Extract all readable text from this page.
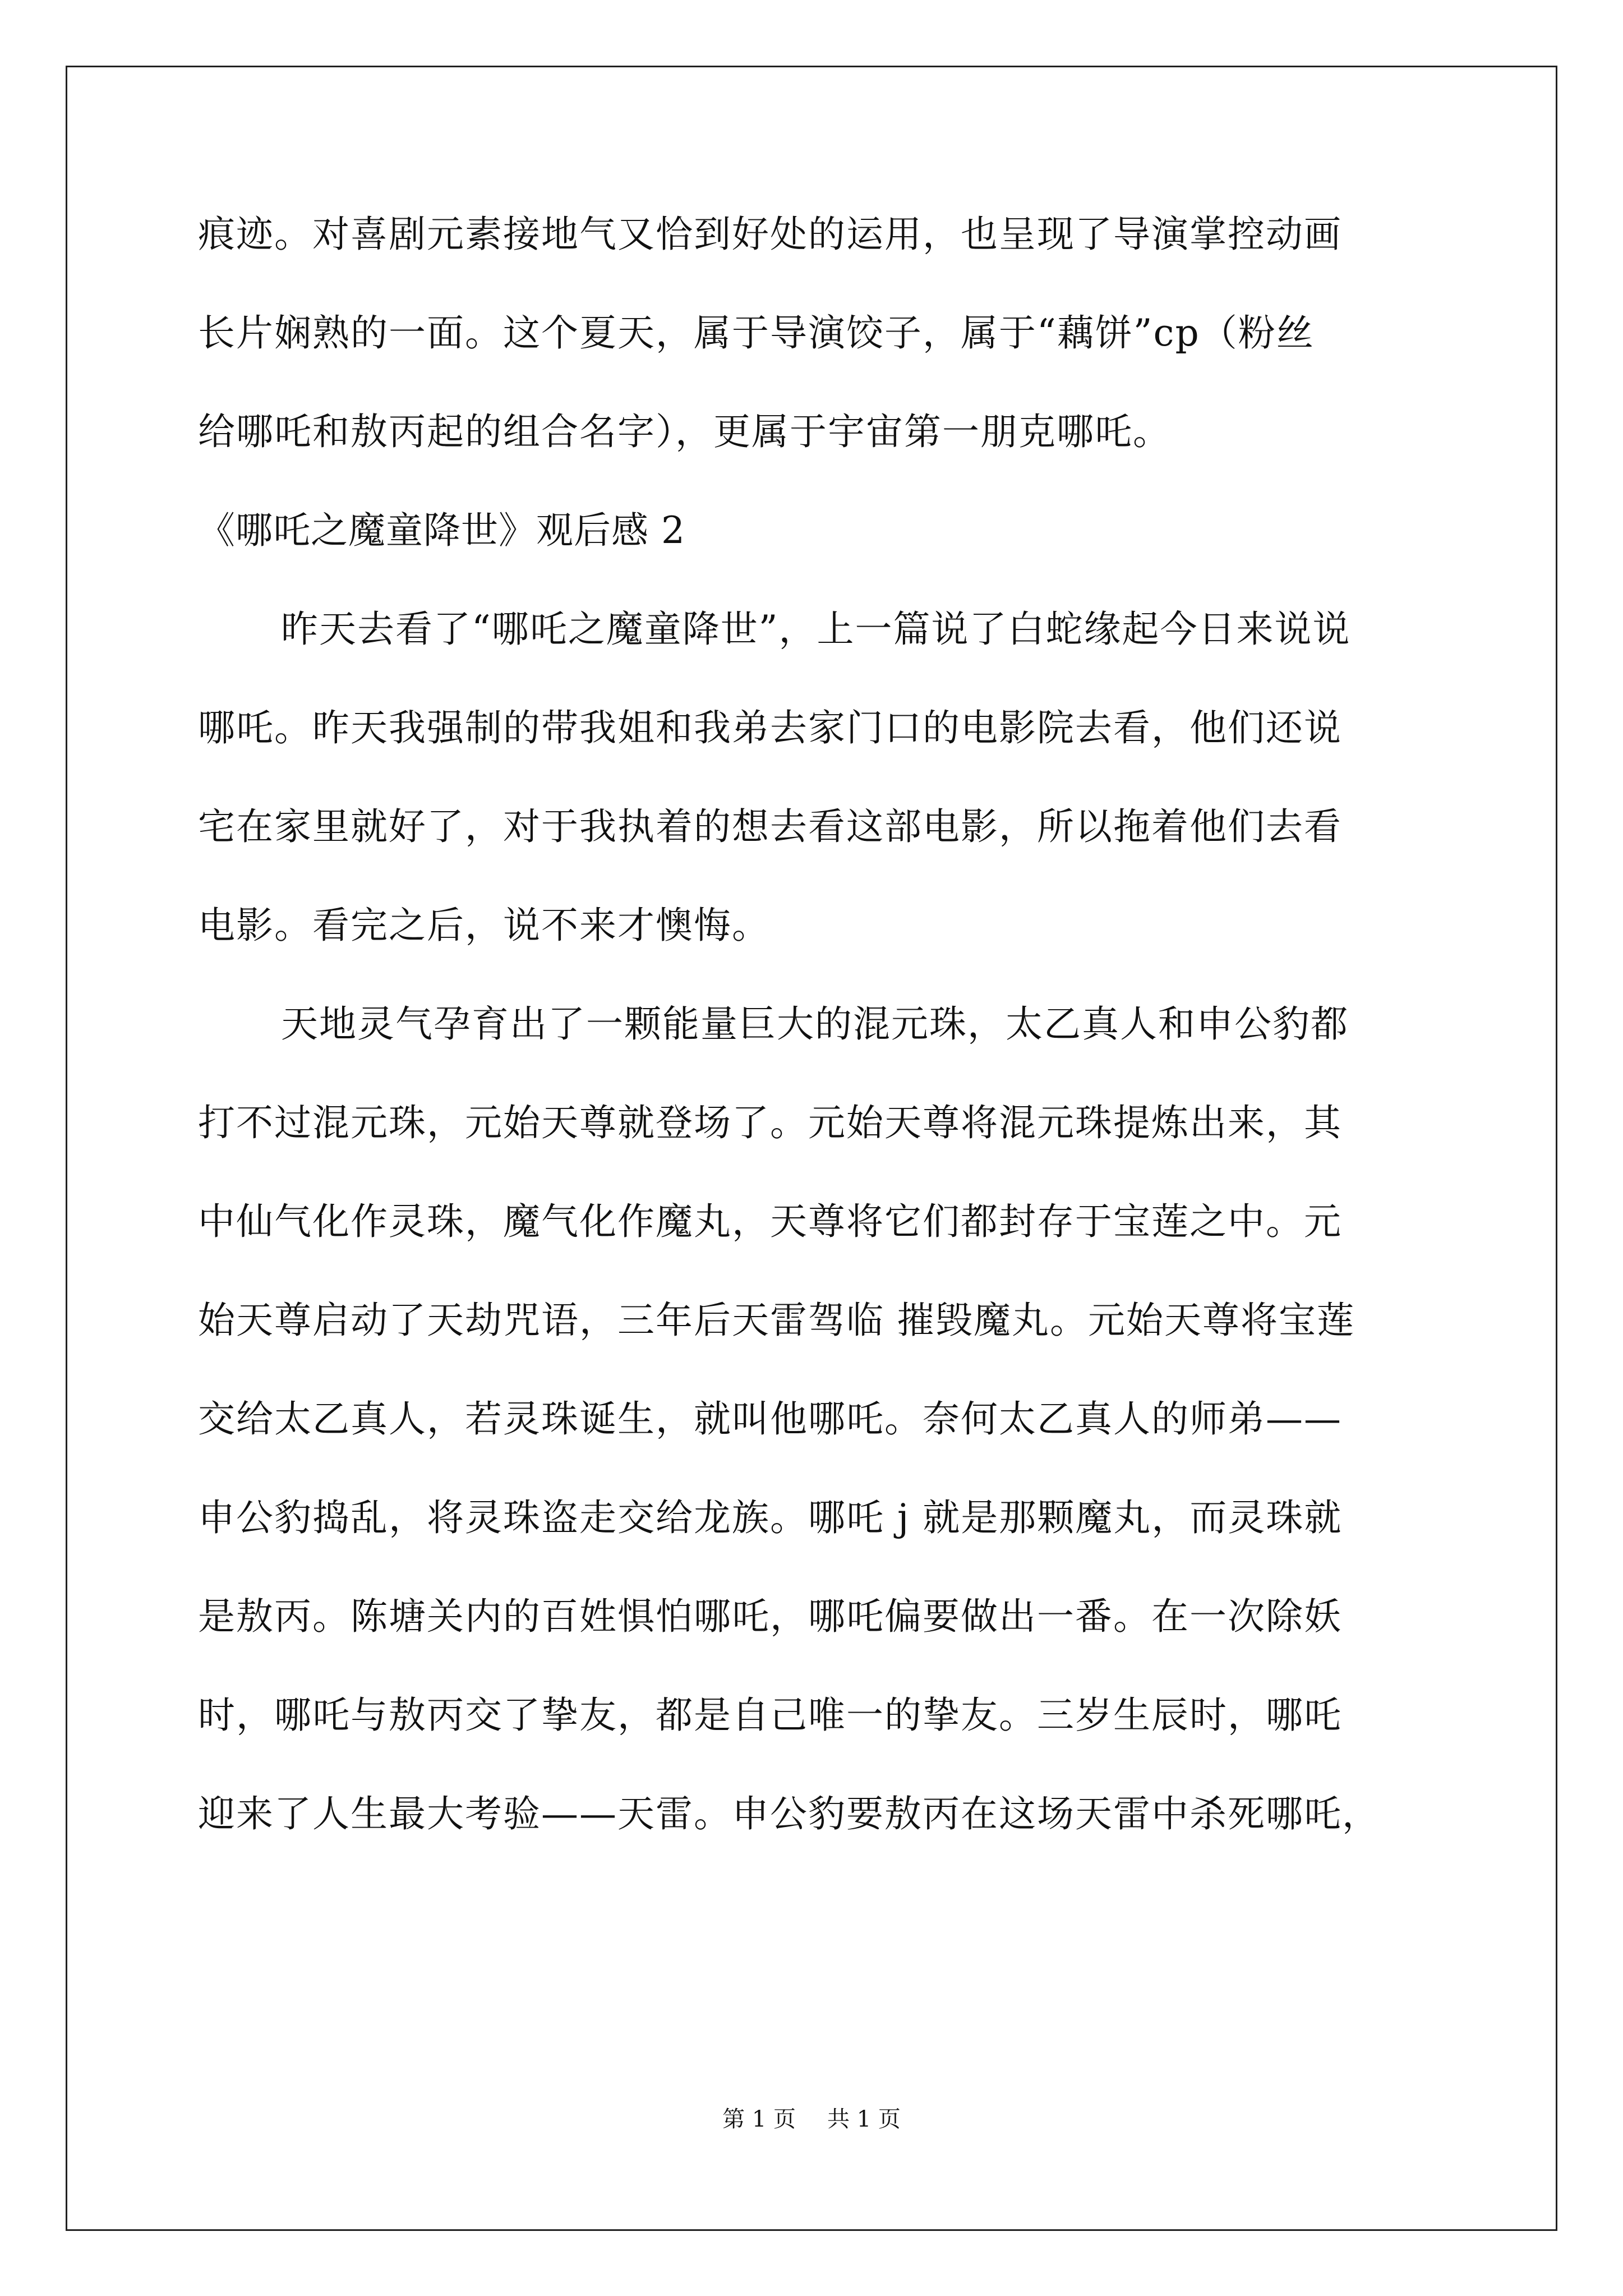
痕迹。对喜剧元素接地气又恰到好处的运用，也呈现了导演掌控动画
长片娴熟的一面。这个夏天，属于导演饺子，属于“藕饼”cp（粉丝
给哪吒和敖丙起的组合名字），更属于宇宙第一朋克哪吒。
《哪吒之魔童降世》观后感 2
昨天去看了“哪吒之魔童降世”，上一篇说了白蛇缘起今日来说说
哪吒。昨天我强制的带我姐和我弟去家门口的电影院去看，他们还说
宅在家里就好了，对于我执着的想去看这部电影，所以拖着他们去看
电影。看完之后，说不来才懊悔。
天地灵气孕育出了一颗能量巨大的混元珠，太乙真人和申公豹都
打不过混元珠，元始天尊就登场了。元始天尊将混元珠提炼出来，其
中仙气化作灵珠，魔气化作魔丸，天尊将它们都封存于宝莲之中。元
始天尊启动了天劫咒语，三年后天雷驾临 摧毁魔丸。元始天尊将宝莲
交给太乙真人，若灵珠诞生，就叫他哪吒。奈何太乙真人的师弟——
申公豹捣乱，将灵珠盗走交给龙族。哪吒 j 就是那颗魔丸，而灵珠就
是敖丙。陈塘关内的百姓惧怕哪吒，哪吒偏要做出一番。在一次除妖
时，哪吒与敖丙交了挚友，都是自己唯一的挚友。三岁生辰时，哪吒
迎来了人生最大考验——天雷。申公豹要敖丙在这场天雷中杀死哪吒，
第 1 页 共 1 页
